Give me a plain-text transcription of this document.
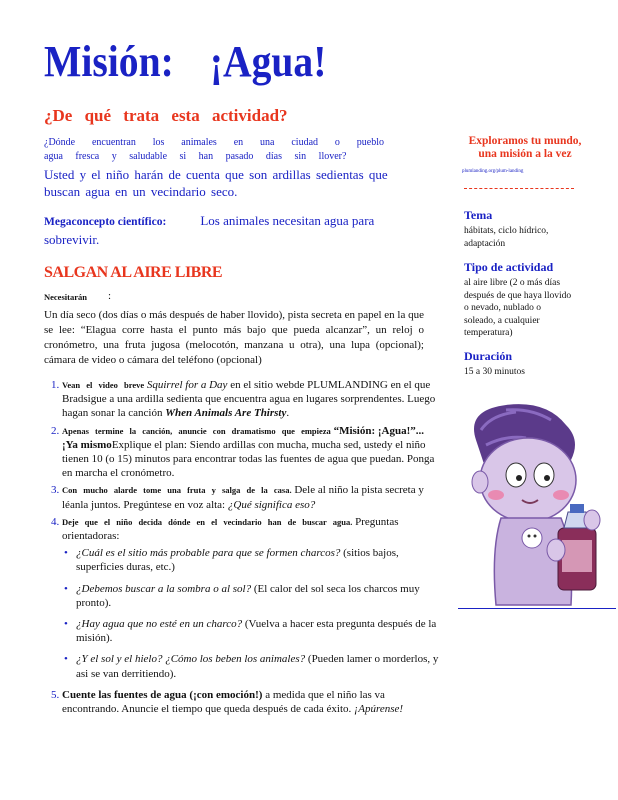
Misión: ¡Agua!
¿De qué trata esta actividad?
¿Dónde encuentran los animales en una ciudad o pueblo
agua fresca y saludable si han pasado días sin llover?
Usted y el niño harán de cuenta que son ardillas sedientas que buscan agua en un vecindario seco.
Megaconcepto científico:	Los animales necesitan agua para sobrevivir.
SALGAN AL AIRE LIBRE
Necesitarán :
Un día seco (dos días o más después de haber llovido), pista secreta en papel en la que se lee: “Elagua corre hasta el punto más bajo que pueda alcanzar”, un reloj o cronómetro, una fruta jugosa (melocotón, manzana u otra), una lupa (opcional); cámara de video o cámara del teléfono (opcional)
1. Vean el video breve Squirrel for a Day en el sitio webde PLUMLANDING en el que Bradsigue a una ardilla sedienta que encuentra agua en lugares sorprendentes. Luego hagan sonar la canción When Animals Are Thirsty.
2. Apenas termine la canción, anuncie con dramatismo que empieza “Misión: ¡Agua!”... ¡Ya mismoExplique el plan: Siendo ardillas con mucha, mucha sed, ustedy el niño tienen 10 (o 15) minutos para encontrar todas las fuentes de agua que puedan. Ponga en marcha el cronómetro.
3. Con mucho alarde tome una fruta y salga de la casa. Dele al niño la pista secreta y léanla juntos. Pregúntese en voz alta: ¿Qué significa eso?
4. Deje que el niño decida dónde en el vecindario han de buscar agua. Preguntas orientadoras:
• ¿Cuál es el sitio más probable para que se formen charcos? (sitios bajos, superficies duras, etc.)
• ¿Debemos buscar a la sombra o al sol? (El calor del sol seca los charcos muy pronto).
• ¿Hay agua que no esté en un charco? (Vuelva a hacer esta pregunta después de la misión).
• ¿Y el sol y el hielo? ¿Cómo los beben los animales? (Pueden lamer o morderlos, y asi se van derritiendo).
5. Cuente las fuentes de agua (¡con emoción!) a medida que el niño las va encontrando. Anuncie el tiempo que queda después de cada éxito. ¡Apúrense!
Exploramos tu mundo,
una misión a la vez
plumlanding.org/plum-landing
Tema
hábitats, ciclo hídrico, adaptación
Tipo de actividad
al aire libre (2 o más días después de que haya llovido o nevado, nublado o soleado, a cualquier temperatura)
Duración
15 a 30 minutos
